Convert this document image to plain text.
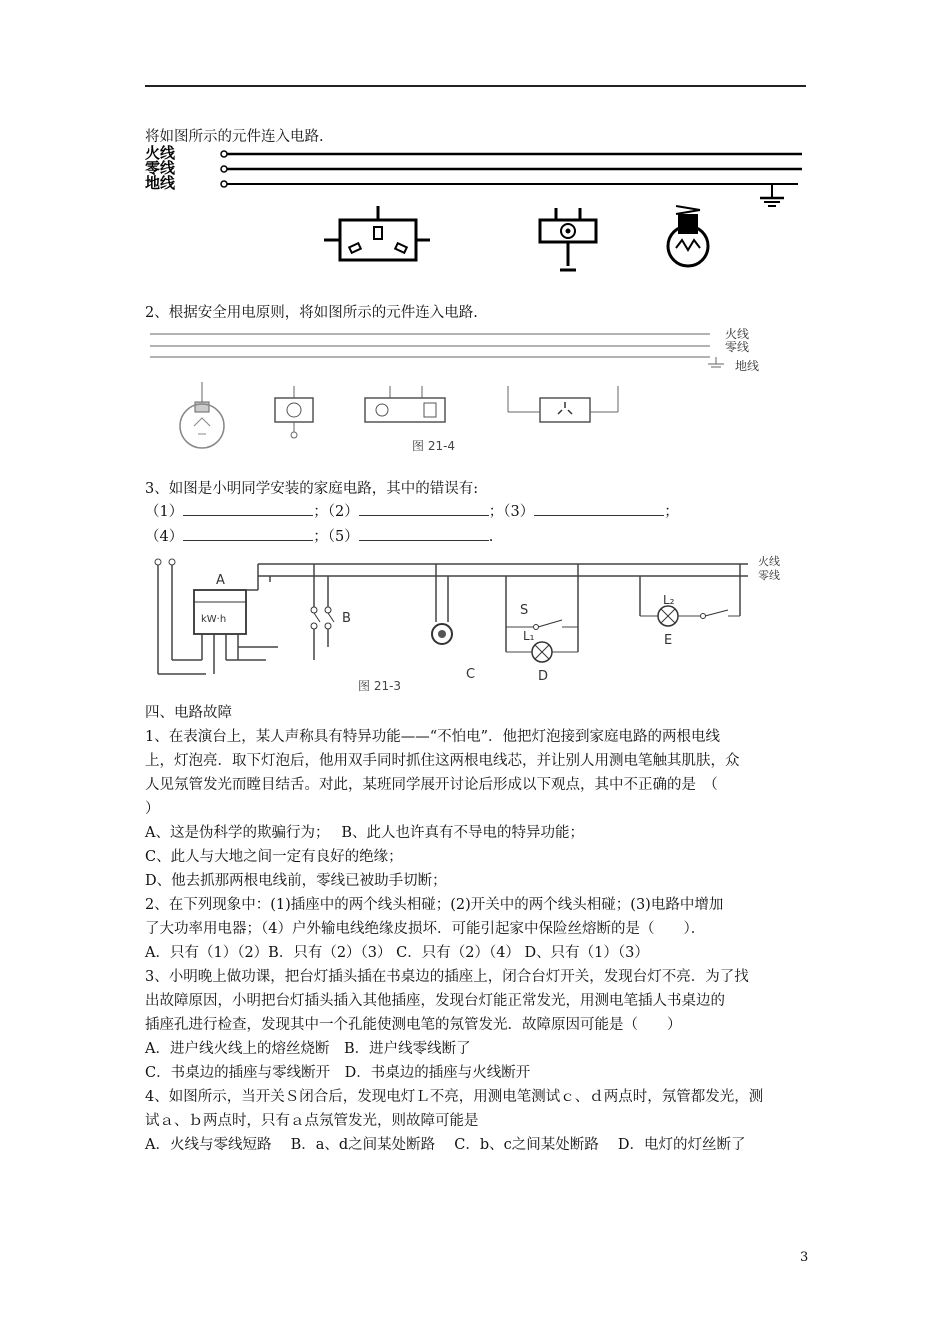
将如图所示的元件连入电路.
火线
零线
地线
2、根据安全用电原则，将如图所示的元件连入电路.
火线
零线
地线
图 21-4
3、如图是小明同学安装的家庭电路，其中的错误有:
（1）	；（2）	；（3）	；
（4）	；（5）	.
火线
零线
A
kW·h	B
C
S
L₁
D
L₂
E
图 21-3
四、电路故障
1、在表演台上，某人声称具有特异功能——“不怕电”．他把灯泡接到家庭电路的两根电线
上，灯泡亮．取下灯泡后，他用双手同时抓住这两根电线芯，并让别人用测电笔触其肌肤，众
人见氖管发光而瞠目结舌。对此，某班同学展开讨论后形成以下观点，其中不正确的是　（
）
A、这是伪科学的欺骗行为；　 B、此人也许真有不导电的特异功能；
C、此人与大地之间一定有良好的绝缘；
D、他去抓那两根电线前，零线已被助手切断；
2、在下列现象中：(1)插座中的两个线头相碰；(2)开关中的两个线头相碰；(3)电路中增加
了大功率用电器；（4）户外输电线绝缘皮损坏．可能引起家中保险丝熔断的是（　　）．
A．只有（1）（2）B．只有（2）（3） C．只有（2）（4） D、只有（1）（3）
3、小明晚上做功课，把台灯插头插在书桌边的插座上，闭合台灯开关，发现台灯不亮．为了找
出故障原因，小明把台灯插头插入其他插座，发现台灯能正常发光，用测电笔插人书桌边的
插座孔进行检查，发现其中一个孔能使测电笔的氖管发光．故障原因可能是（　　）
A．进户线火线上的熔丝烧断　B．进户线零线断了
C．书桌边的插座与零线断开　D．书桌边的插座与火线断开
4、如图所示，当开关Ｓ闭合后，发现电灯Ｌ不亮，用测电笔测试ｃ、ｄ两点时，氖管都发光，测
试ａ、ｂ两点时，只有ａ点氖管发光，则故障可能是
A．火线与零线短路　 B．a、d之间某处断路　 C．b、c之间某处断路　 D．电灯的灯丝断了
3
